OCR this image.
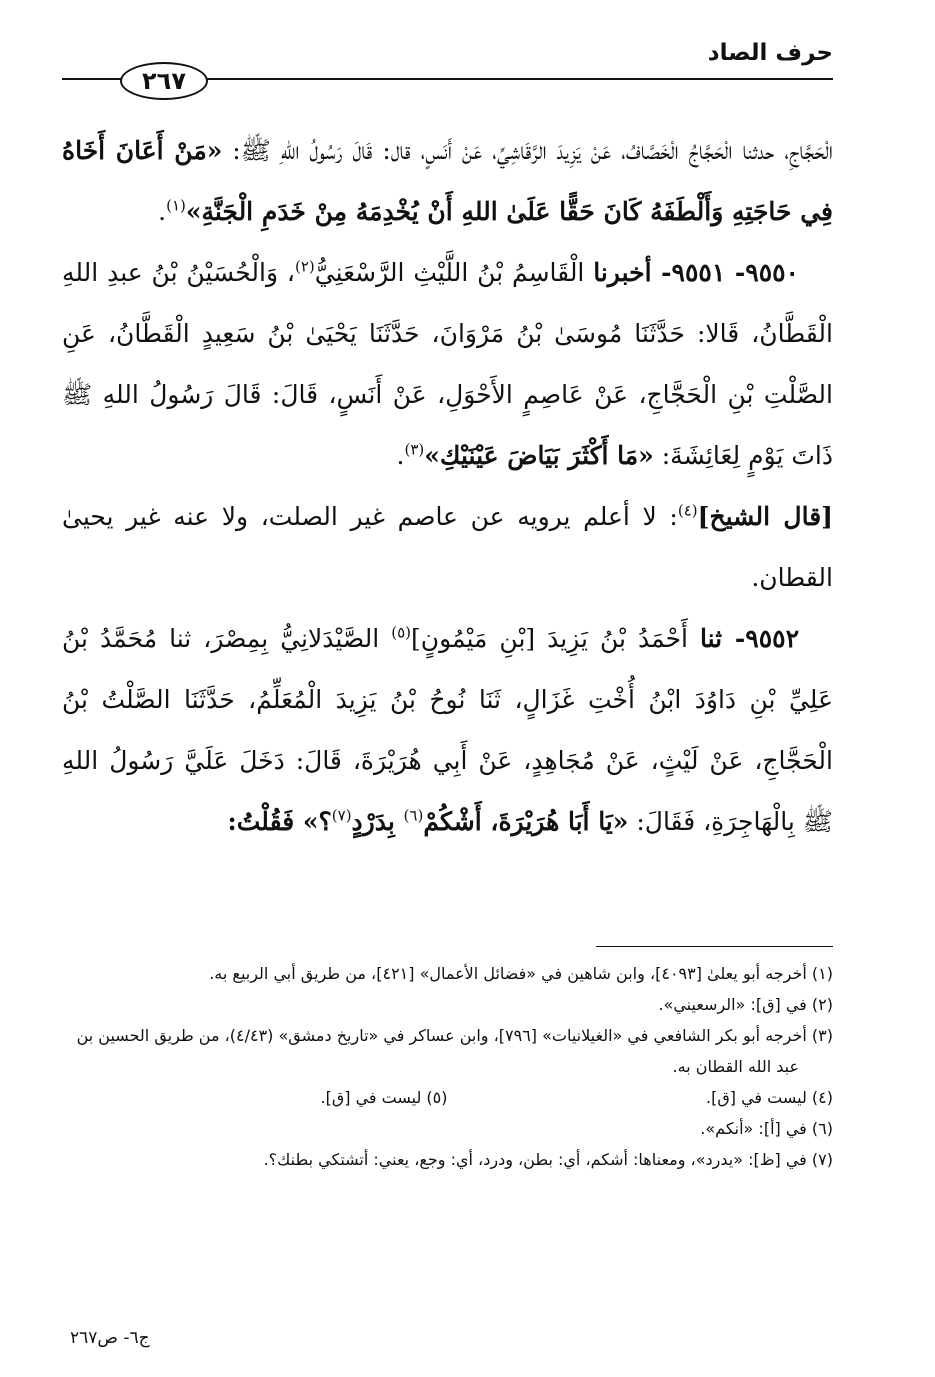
حرف الصاد
٢٦٧

الْحَجَّاجِ، حدثنا الْحَجَّاجُ الْخَصَّافُ، عَنْ يَزِيدَ الرَّقَاشِيِّ، عَنْ أَنَسٍ، قال: قَالَ رَسُولُ اللهِ ﷺ: «مَنْ أَعَانَ أَخَاهُ فِي حَاجَتِهِ وَأَلْطَفَهُ كَانَ حَقًّا عَلَىٰ اللهِ أَنْ يُخْدِمَهُ مِنْ خَدَمِ الْجَنَّةِ»$^{(١)}$.

٩٥٥٠- ٩٥٥١- أخبرنا الْقَاسِمُ بْنُ اللَّيْثِ الرَّسْعَنِيُّ$^{(٢)}$، وَالْحُسَيْنُ بْنُ عبدِ اللهِ الْقَطَّانُ، قَالا: حَدَّثَنَا مُوسَىٰ بْنُ مَرْوَانَ، حَدَّثَنَا يَحْيَىٰ بْنُ سَعِيدٍ الْقَطَّانُ، عَنِ الصَّلْتِ بْنِ الْحَجَّاجِ، عَنْ عَاصِمٍ الأَحْوَلِ، عَنْ أَنَسٍ، قَالَ: قَالَ رَسُولُ اللهِ ﷺ ذَاتَ يَوْمٍ لِعَائِشَةَ: «مَا أَكْثَرَ بَيَاضَ عَيْنَيْكِ»$^{(٣)}$.

[قال الشيخ]$^{(٤)}$: لا أعلم يرويه عن عاصم غير الصلت، ولا عنه غير يحيىٰ القطان.

٩٥٥٢- ثنا أَحْمَدُ بْنُ يَزِيدَ [بْنِ مَيْمُونٍ]$^{(٥)}$ الصَّيْدَلانِيُّ بِمِصْرَ، ثنا مُحَمَّدُ بْنُ عَلِيِّ بْنِ دَاوُدَ ابْنُ أُخْتِ غَزَالٍ، ثَنَا نُوحُ بْنُ يَزِيدَ الْمُعَلِّمُ، حَدَّثَنَا الصَّلْتُ بْنُ الْحَجَّاجِ، عَنْ لَيْثٍ، عَنْ مُجَاهِدٍ، عَنْ أَبِي هُرَيْرَةَ، قَالَ: دَخَلَ عَلَيَّ رَسُولُ اللهِ ﷺ بِالْهَاجِرَةِ، فَقَالَ: «يَا أَبَا هُرَيْرَةَ، أَشْكُمْ$^{(٦)}$ بِدَرْدٍ$^{(٧)}$؟» فَقُلْتُ:

(١) أخرجه أبو يعلىٰ [٤٠٩٣]، وابن شاهين في «فضائل الأعمال» [٤٢١]، من طريق أبي الربيع به.

(٢) في [ق]: «الرسعيني».

(٣) أخرجه أبو بكر الشافعي في «الغيلانيات» [٧٩٦]، وابن عساكر في «تاريخ دمشق» (٤/٤٣)، من طريق الحسين بن عبد الله القطان به.

(٤) ليست في [ق].

(٥) ليست في [ق].

(٦) في [أ]: «أنكم».

(٧) في [ظ]: «يدرد»، ومعناها: أشكم، أي: بطن، ودرد، أي: وجع، يعني: أتشتكي بطنك؟.

ج٦- ص٢٦٧
